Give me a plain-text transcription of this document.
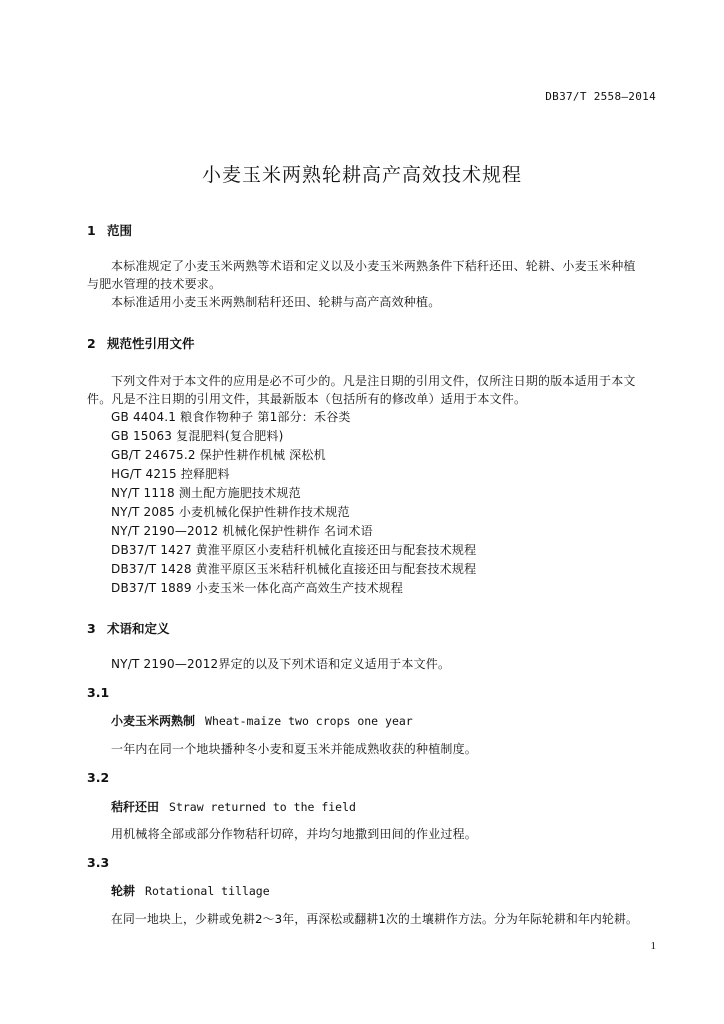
DB37/T 2558—2014
小麦玉米两熟轮耕高产高效技术规程
1 范围
本标准规定了小麦玉米两熟等术语和定义以及小麦玉米两熟条件下秸秆还田、轮耕、小麦玉米种植
与肥水管理的技术要求。
本标准适用小麦玉米两熟制秸秆还田、轮耕与高产高效种植。
2 规范性引用文件
下列文件对于本文件的应用是必不可少的。凡是注日期的引用文件，仅所注日期的版本适用于本文
件。凡是不注日期的引用文件，其最新版本（包括所有的修改单）适用于本文件。
GB 4404.1 粮食作物种子 第1部分：禾谷类
GB 15063 复混肥料(复合肥料)
GB/T 24675.2 保护性耕作机械 深松机
HG/T 4215 控释肥料
NY/T 1118 测土配方施肥技术规范
NY/T 2085 小麦机械化保护性耕作技术规范
NY/T 2190—2012 机械化保护性耕作 名词术语
DB37/T 1427 黄淮平原区小麦秸秆机械化直接还田与配套技术规程
DB37/T 1428 黄淮平原区玉米秸秆机械化直接还田与配套技术规程
DB37/T 1889 小麦玉米一体化高产高效生产技术规程
3 术语和定义
NY/T 2190—2012界定的以及下列术语和定义适用于本文件。
3.1
小麦玉米两熟制 Wheat-maize two crops one year
一年内在同一个地块播种冬小麦和夏玉米并能成熟收获的种植制度。
3.2
秸秆还田 Straw returned to the field
用机械将全部或部分作物秸秆切碎，并均匀地撒到田间的作业过程。
3.3
轮耕 Rotational tillage
在同一地块上，少耕或免耕2～3年，再深松或翻耕1次的土壤耕作方法。分为年际轮耕和年内轮耕。
1
